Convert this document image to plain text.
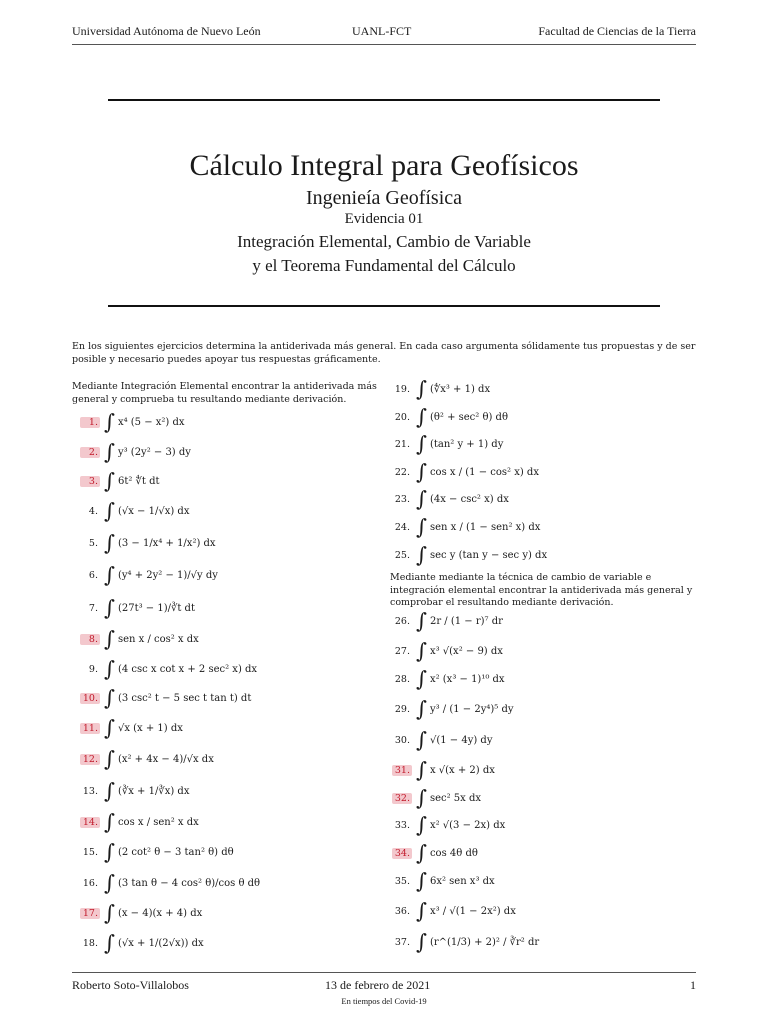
Universidad Autónoma de Nuevo León	UANL-FCT	Facultad de Ciencias de la Tierra
Cálculo Integral para Geofísicos
Ingenieía Geofísica
Evidencia 01
Integración Elemental, Cambio de Variable
y el Teorema Fundamental del Cálculo
En los siguientes ejercicios determina la antiderivada más general. En cada caso argumenta sólidamente tus propuestas y de ser posible y necesario puedes apoyar tus respuestas gráficamente.
Mediante Integración Elemental encontrar la antiderivada más general y comprueba tu resultando mediante derivación.
Mediante mediante la técnica de cambio de variable e integración elemental encontrar la antiderivada más general y comprobar el resultando mediante derivación.
1. ∫ x⁴ (5 − x²) dx
2. ∫ y³ (2y² − 3) dy
3. ∫ 6t² ∜t dt
4. ∫ (√x − 1/√x) dx
5. ∫ (3 − 1/x⁴ + 1/x²) dx
6. ∫ (y⁴ + 2y² − 1)/√y dy
7. ∫ (27t³ − 1)/∛t dt
8. ∫ sen x / cos² x dx
9. ∫ (4 csc x cot x + 2 sec² x) dx
10. ∫ (3 csc² t − 5 sec t tan t) dt
11. ∫ √x (x + 1) dx
12. ∫ (x² + 4x − 4)/√x dx
13. ∫ (∛x + 1/∛x) dx
14. ∫ cos x / sen² x dx
15. ∫ (2 cot² θ − 3 tan² θ) dθ
16. ∫ (3 tan θ − 4 cos² θ)/cos θ dθ
17. ∫ (x − 4)(x + 4) dx
18. ∫ (√x + 1/(2√x)) dx
19. ∫ (∜x³ + 1) dx
20. ∫ (θ² + sec² θ) dθ
21. ∫ (tan² y + 1) dy
22. ∫ cos x / (1 − cos² x) dx
23. ∫ (4x − csc² x) dx
24. ∫ sen x / (1 − sen² x) dx
25. ∫ sec y (tan y − sec y) dx
26. ∫ 2r / (1 − r)⁷ dr
27. ∫ x³ √(x² − 9) dx
28. ∫ x² (x³ − 1)¹⁰ dx
29. ∫ y³ / (1 − 2y⁴)⁵ dy
30. ∫ √(1 − 4y) dy
31. ∫ x √(x + 2) dx
32. ∫ sec² 5x dx
33. ∫ x² √(3 − 2x) dx
34. ∫ cos 4θ dθ
35. ∫ 6x² sen x³ dx
36. ∫ x³ / √(1 − 2x²) dx
37. ∫ (r^(1/3) + 2)² / ∛r² dr
Roberto Soto-Villalobos	13 de febrero de 2021	1
En tiempos del Covid-19
